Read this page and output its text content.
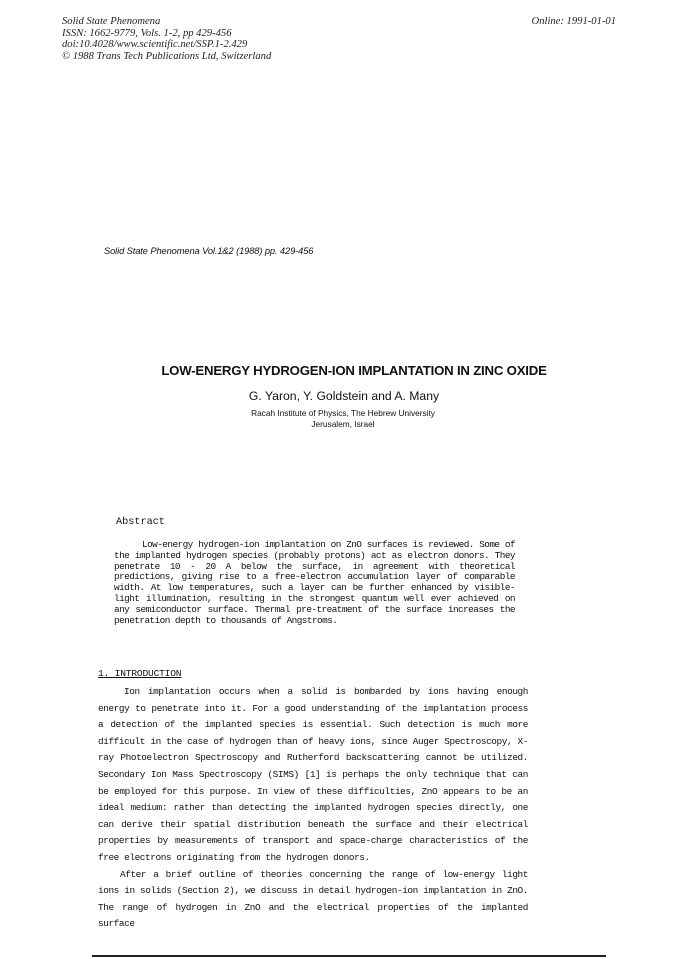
Solid State Phenomena
ISSN: 1662-9779, Vols. 1-2, pp 429-456
doi:10.4028/www.scientific.net/SSP.1-2.429
© 1988 Trans Tech Publications Ltd, Switzerland
Online: 1991-01-01
Solid State Phenomena Vol.1&2 (1988) pp. 429-456
LOW-ENERGY HYDROGEN-ION IMPLANTATION IN ZINC OXIDE
G. Yaron, Y. Goldstein and A. Many
Racah Institute of Physics, The Hebrew University
Jerusalem, Israel
Abstract
Low-energy hydrogen-ion implantation on ZnO surfaces is reviewed. Some of the implanted hydrogen species (probably protons) act as electron donors. They penetrate 10 - 20 A below the surface, in agreement with theoretical predictions, giving rise to a free-electron accumulation layer of comparable width. At low temperatures, such a layer can be further enhanced by visible-light illumination, resulting in the strongest quantum well ever achieved on any semiconductor surface. Thermal pre-treatment of the surface increases the penetration depth to thousands of Angstroms.
1. INTRODUCTION

Ion implantation occurs when a solid is bombarded by ions having enough energy to penetrate into it. For a good understanding of the implantation process a detection of the implanted species is essential. Such detection is much more difficult in the case of hydrogen than of heavy ions, since Auger Spectroscopy, X-ray Photoelectron Spectroscopy and Rutherford backscattering cannot be utilized. Secondary Ion Mass Spectroscopy (SIMS) [1] is perhaps the only technique that can be employed for this purpose. In view of these difficulties, ZnO appears to be an ideal medium: rather than detecting the implanted hydrogen species directly, one can derive their spatial distribution beneath the surface and their electrical properties by measurements of transport and space-charge characteristics of the free electrons originating from the hydrogen donors.

After a brief outline of theories concerning the range of low-energy light ions in solids (Section 2), we discuss in detail hydrogen-ion implantation in ZnO. The range of hydrogen in ZnO and the electrical properties of the implanted surface
